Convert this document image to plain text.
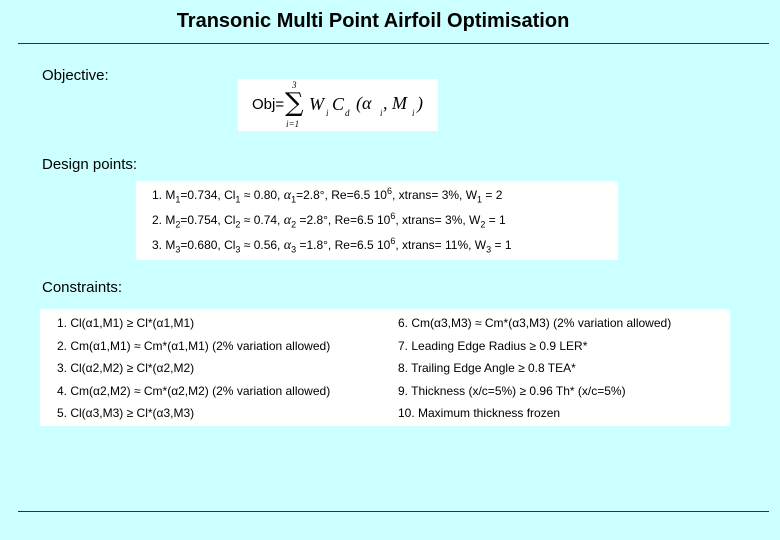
Transonic Multi Point Airfoil Optimisation
Objective:
Obj=
3
∑
i=1
W i C d (α i , M i )
Design points:
1. $M_1=0.734$, $Cl_1 \approx 0.80$, $\alpha_1=2.8^\circ$, Re=6.5 $10^6$, xtrans= 3%, $W_1 = 2$
2. $M_2=0.754$, $Cl_2 \approx 0.74$, $\alpha_2 =2.8^\circ$, Re=6.5 $10^6$, xtrans= 3%, $W_2 = 1$
3. $M_3=0.680$, $Cl_3 \approx 0.56$, $\alpha_3 =1.8^\circ$, Re=6.5 $10^6$, xtrans= 11%, $W_3 = 1$
Constraints:
1. Cl(α1,M1) ≥ Cl*(α1,M1)
2. Cm(α1,M1) ≈ Cm*(α1,M1) (2% variation allowed)
3. Cl(α2,M2) ≥ Cl*(α2,M2)
4. Cm(α2,M2) ≈ Cm*(α2,M2) (2% variation allowed)
5. Cl(α3,M3) ≥ Cl*(α3,M3)
6. Cm(α3,M3) ≈ Cm*(α3,M3) (2% variation allowed)
7. Leading Edge Radius ≥ 0.9 LER*
8. Trailing Edge Angle ≥ 0.8 TEA*
9. Thickness (x/c=5%) ≥ 0.96 Th* (x/c=5%)
10. Maximum thickness frozen
